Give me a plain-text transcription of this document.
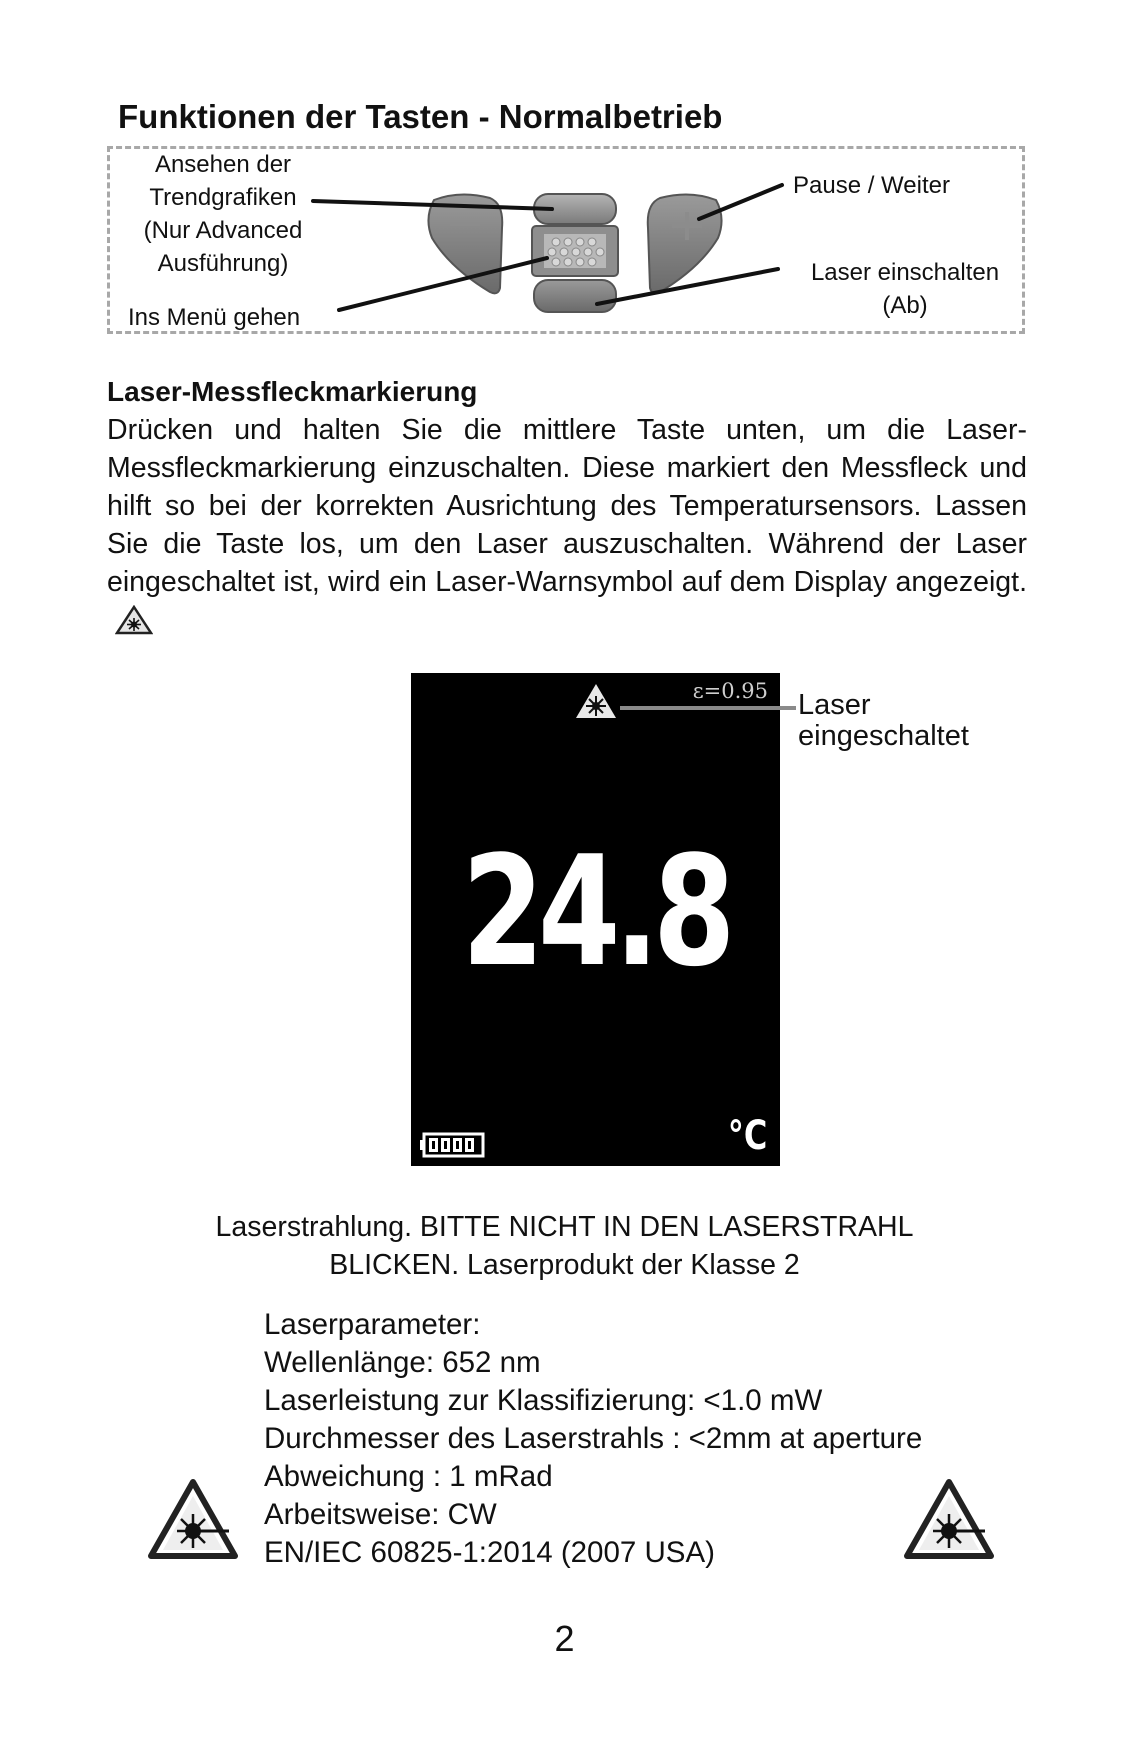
Funktionen der Tasten - Normalbetrieb
Ansehen der
Trendgrafiken
(Nur Advanced
Ausführung)
Ins Menü gehen
Pause / Weiter
Laser einschalten
(Ab)
Laser-Messfleckmarkierung
Drücken und halten Sie die mittlere Taste unten, um die Laser-Messfleckmarkierung einzuschalten. Diese markiert den Messfleck und hilft so bei der korrekten Ausrichtung des Temperatursensors. Lassen Sie die Taste los, um den Laser auszuschalten. Während der Laser eingeschaltet ist, wird ein Laser-Warnsymbol auf dem Display angezeigt.
ε=0.95
24.8
°C
Laser
eingeschaltet
Laserstrahlung. BITTE NICHT IN DEN LASERSTRAHL
BLICKEN. Laserprodukt der Klasse 2
Laserparameter:
Wellenlänge: 652 nm
Laserleistung zur Klassifizierung: <1.0 mW
Durchmesser des Laserstrahls : <2mm at aperture
Abweichung : 1 mRad
Arbeitsweise: CW
EN/IEC 60825-1:2014 (2007 USA)
2
